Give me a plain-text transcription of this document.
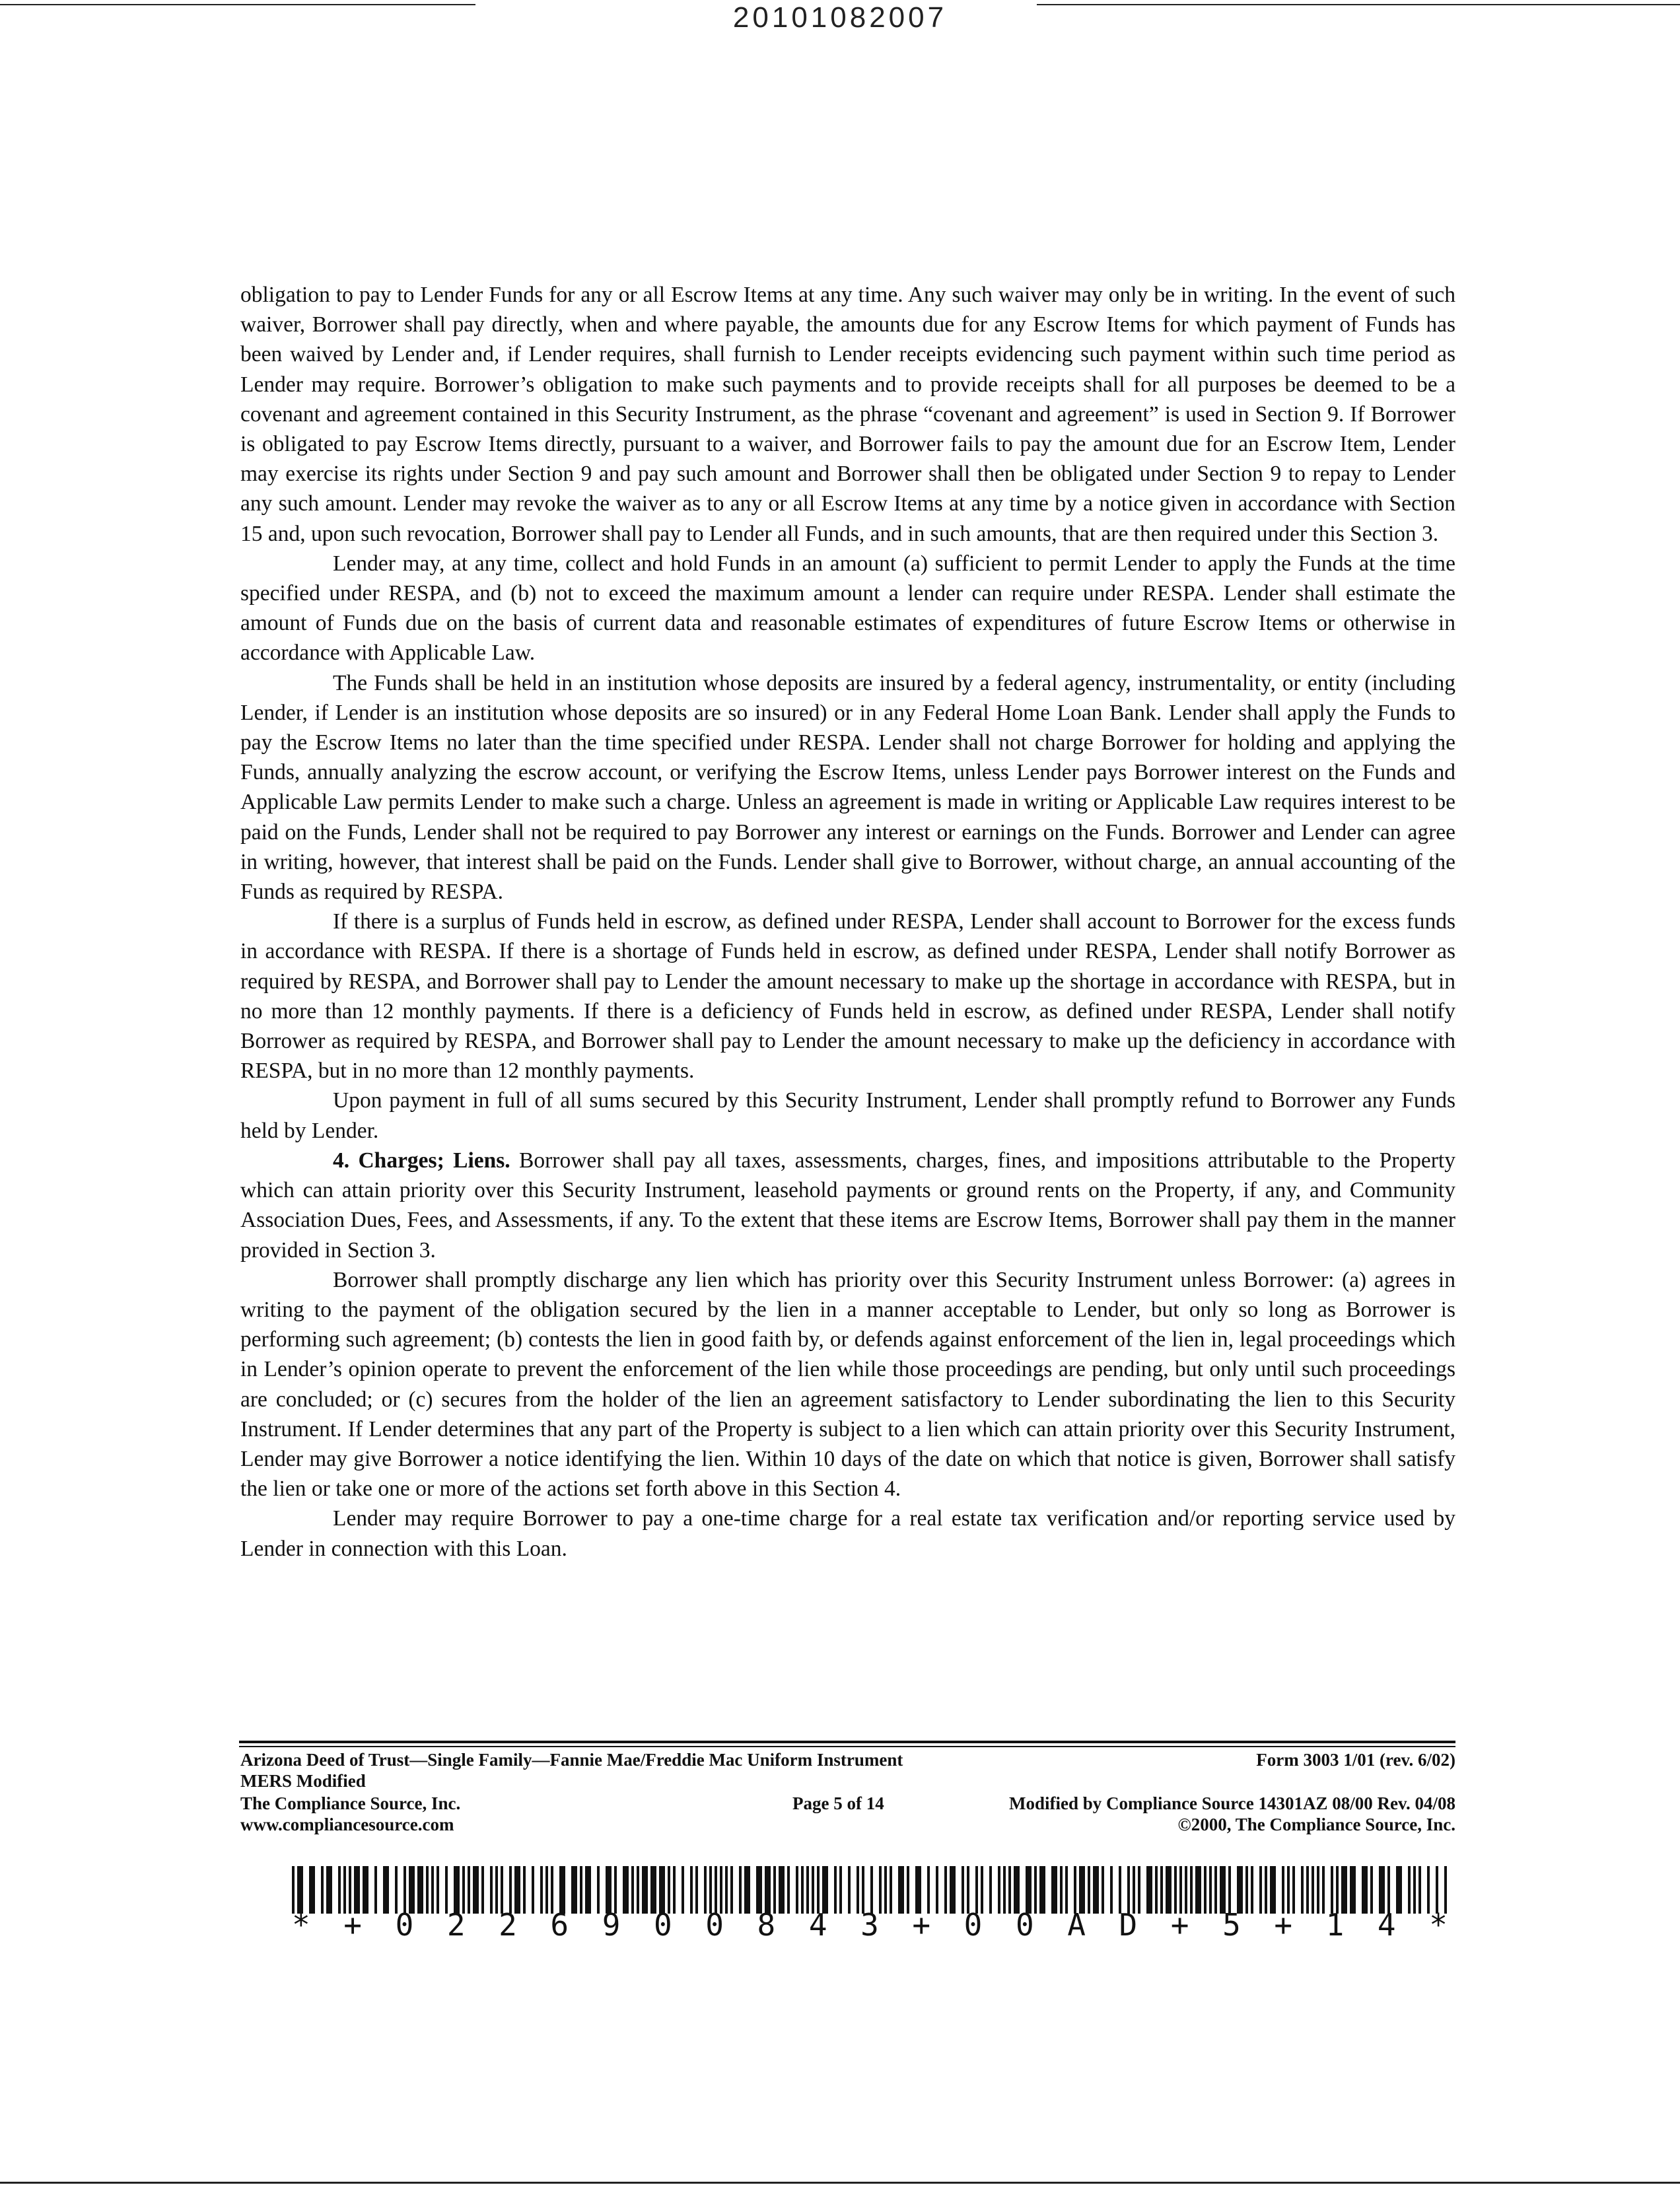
20101082007

obligation to pay to Lender Funds for any or all Escrow Items at any time. Any such waiver may only be in writing. In the event of such waiver, Borrower shall pay directly, when and where payable, the amounts due for any Escrow Items for which payment of Funds has been waived by Lender and, if Lender requires, shall furnish to Lender receipts evidencing such payment within such time period as Lender may require. Borrower’s obligation to make such payments and to provide receipts shall for all purposes be deemed to be a covenant and agreement contained in this Security Instrument, as the phrase “covenant and agreement” is used in Section 9. If Borrower is obligated to pay Escrow Items directly, pursuant to a waiver, and Borrower fails to pay the amount due for an Escrow Item, Lender may exercise its rights under Section 9 and pay such amount and Borrower shall then be obligated under Section 9 to repay to Lender any such amount. Lender may revoke the waiver as to any or all Escrow Items at any time by a notice given in accordance with Section 15 and, upon such revocation, Borrower shall pay to Lender all Funds, and in such amounts, that are then required under this Section 3.

Lender may, at any time, collect and hold Funds in an amount (a) sufficient to permit Lender to apply the Funds at the time specified under RESPA, and (b) not to exceed the maximum amount a lender can require under RESPA. Lender shall estimate the amount of Funds due on the basis of current data and reasonable estimates of expenditures of future Escrow Items or otherwise in accordance with Applicable Law.

The Funds shall be held in an institution whose deposits are insured by a federal agency, instrumentality, or entity (including Lender, if Lender is an institution whose deposits are so insured) or in any Federal Home Loan Bank. Lender shall apply the Funds to pay the Escrow Items no later than the time specified under RESPA. Lender shall not charge Borrower for holding and applying the Funds, annually analyzing the escrow account, or verifying the Escrow Items, unless Lender pays Borrower interest on the Funds and Applicable Law permits Lender to make such a charge. Unless an agreement is made in writing or Applicable Law requires interest to be paid on the Funds, Lender shall not be required to pay Borrower any interest or earnings on the Funds. Borrower and Lender can agree in writing, however, that interest shall be paid on the Funds. Lender shall give to Borrower, without charge, an annual accounting of the Funds as required by RESPA.

If there is a surplus of Funds held in escrow, as defined under RESPA, Lender shall account to Borrower for the excess funds in accordance with RESPA. If there is a shortage of Funds held in escrow, as defined under RESPA, Lender shall notify Borrower as required by RESPA, and Borrower shall pay to Lender the amount necessary to make up the shortage in accordance with RESPA, but in no more than 12 monthly payments. If there is a deficiency of Funds held in escrow, as defined under RESPA, Lender shall notify Borrower as required by RESPA, and Borrower shall pay to Lender the amount necessary to make up the deficiency in accordance with RESPA, but in no more than 12 monthly payments.

Upon payment in full of all sums secured by this Security Instrument, Lender shall promptly refund to Borrower any Funds held by Lender.

4. Charges; Liens. Borrower shall pay all taxes, assessments, charges, fines, and impositions attributable to the Property which can attain priority over this Security Instrument, leasehold payments or ground rents on the Property, if any, and Community Association Dues, Fees, and Assessments, if any. To the extent that these items are Escrow Items, Borrower shall pay them in the manner provided in Section 3.

Borrower shall promptly discharge any lien which has priority over this Security Instrument unless Borrower: (a) agrees in writing to the payment of the obligation secured by the lien in a manner acceptable to Lender, but only so long as Borrower is performing such agreement; (b) contests the lien in good faith by, or defends against enforcement of the lien in, legal proceedings which in Lender’s opinion operate to prevent the enforcement of the lien while those proceedings are pending, but only until such proceedings are concluded; or (c) secures from the holder of the lien an agreement satisfactory to Lender subordinating the lien to this Security Instrument. If Lender determines that any part of the Property is subject to a lien which can attain priority over this Security Instrument, Lender may give Borrower a notice identifying the lien. Within 10 days of the date on which that notice is given, Borrower shall satisfy the lien or take one or more of the actions set forth above in this Section 4.

Lender may require Borrower to pay a one-time charge for a real estate tax verification and/or reporting service used by Lender in connection with this Loan.

Arizona Deed of Trust—Single Family—Fannie Mae/Freddie Mac Uniform Instrument	Form 3003 1/01 (rev. 6/02)
MERS Modified
The Compliance Source, Inc.	Page 5 of 14	Modified by Compliance Source 14301AZ 08/00 Rev. 04/08
www.compliancesource.com	©2000, The Compliance Source, Inc.
* + 0 2 2 6 9 0 0 8 4 3 + 0 0 A D + 5 + 1 4 *
